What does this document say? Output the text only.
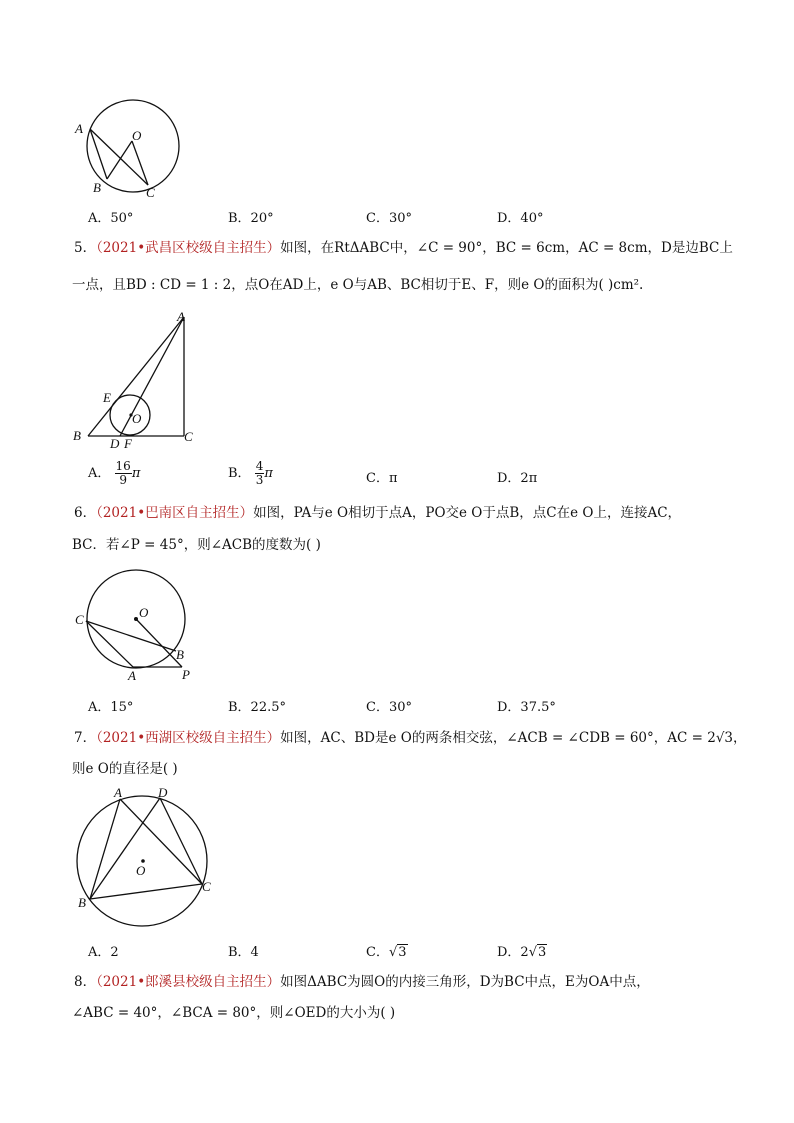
A	O
B	C
A．50°	B．20°	C．30°	D．40°
5．（2021•武昌区校级自主招生）如图，在RtΔABC中，∠C = 90°，BC = 6cm，AC = 8cm，D是边BC上
一点，且BD : CD = 1 : 2，点O在AD上，e O与AB、BC相切于E、F，则e O的面积为( )cm².
A
E
O
B
D F	C
A． $\frac{16}{9}$ π	B． $\frac{4}{3}$ π	C．π	D．2π
6．（2021•巴南区自主招生）如图，PA与e O相切于点A，PO交e O于点B，点C在e O上，连接AC，
BC．若∠P = 45°，则∠ACB的度数为( )
C	O
B
A	P
A．15°	B．22.5°	C．30°	D．37.5°
7．（2021•西湖区校级自主招生）如图，AC、BD是e O的两条相交弦，∠ACB = ∠CDB = 60°，AC = 2√3，
则e O的直径是( )
A	D
O
B
C
A．2	B．4	C．√3	D．2√3
8．（2021•郎溪县校级自主招生）如图ΔABC为圆O的内接三角形，D为BC中点，E为OA中点，
∠ABC = 40°，∠BCA = 80°，则∠OED的大小为( )
